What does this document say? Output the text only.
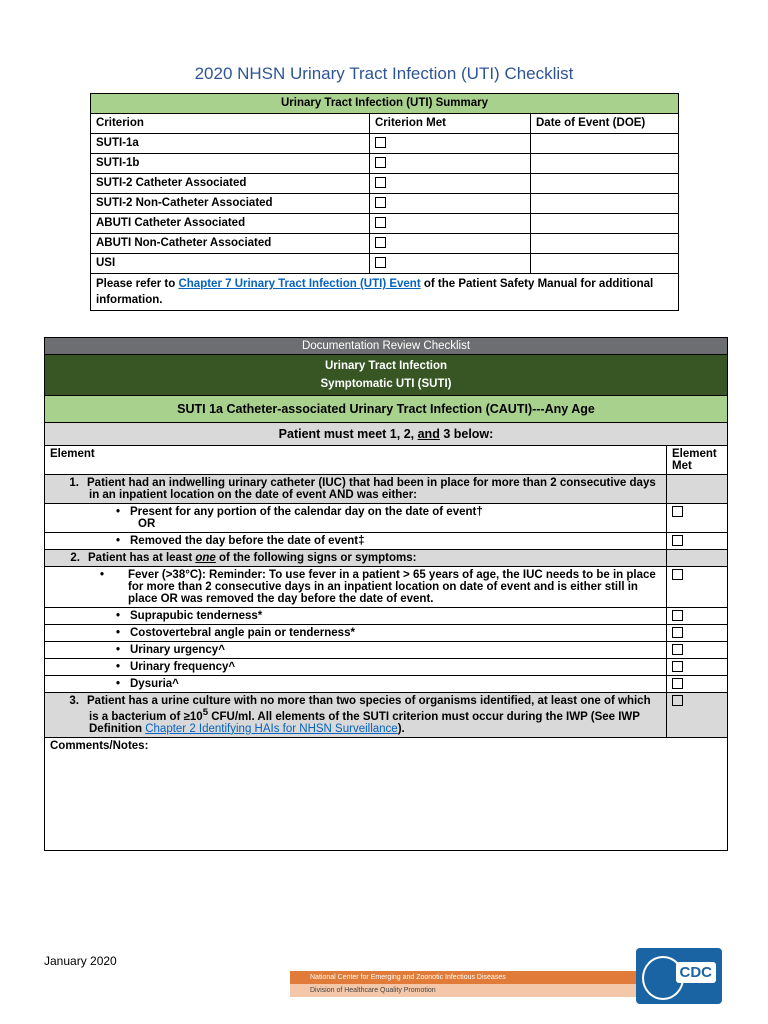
2020 NHSN Urinary Tract Infection (UTI) Checklist
Urinary Tract Infection (UTI) Summary		
Criterion	Criterion Met	Date of Event (DOE)
SUTI-1a		
SUTI-1b		
SUTI-2 Catheter Associated		
SUTI-2 Non-Catheter Associated		
ABUTI Catheter Associated		
ABUTI Non-Catheter Associated		
USI		
Please refer to Chapter 7 Urinary Tract Infection (UTI) Event of the Patient Safety Manual for additional information.		
Documentation Review Checklist	
Urinary Tract Infection
Symptomatic UTI (SUTI)	
SUTI 1a Catheter-associated Urinary Tract Infection (CAUTI)---Any Age	
Patient must meet 1, 2, and 3 below:	
Element	Element Met
1. Patient had an indwelling urinary catheter (IUC) that had been in place for more than 2 consecutive days in an inpatient location on the date of event AND was either:	
• Present for any portion of the calendar day on the date of event†
OR	
• Removed the day before the date of event‡	
2. Patient has at least one of the following signs or symptoms:	
• Fever (>38°C): Reminder: To use fever in a patient > 65 years of age, the IUC needs to be in place for more than 2 consecutive days in an inpatient location on date of event and is either still in place OR was removed the day before the date of event.	
• Suprapubic tenderness*	
• Costovertebral angle pain or tenderness*	
• Urinary urgency^	
• Urinary frequency^	
• Dysuria^	
3. Patient has a urine culture with no more than two species of organisms identified, at least one of which is a bacterium of $\ge 10^5$ CFU/ml. All elements of the SUTI criterion must occur during the IWP (See IWP Definition Chapter 2 Identifying HAIs for NHSN Surveillance).	
Comments/Notes:	
January 2020
National Center for Emerging and Zoonotic Infectious Diseases
Division of Healthcare Quality Promotion
CDC
